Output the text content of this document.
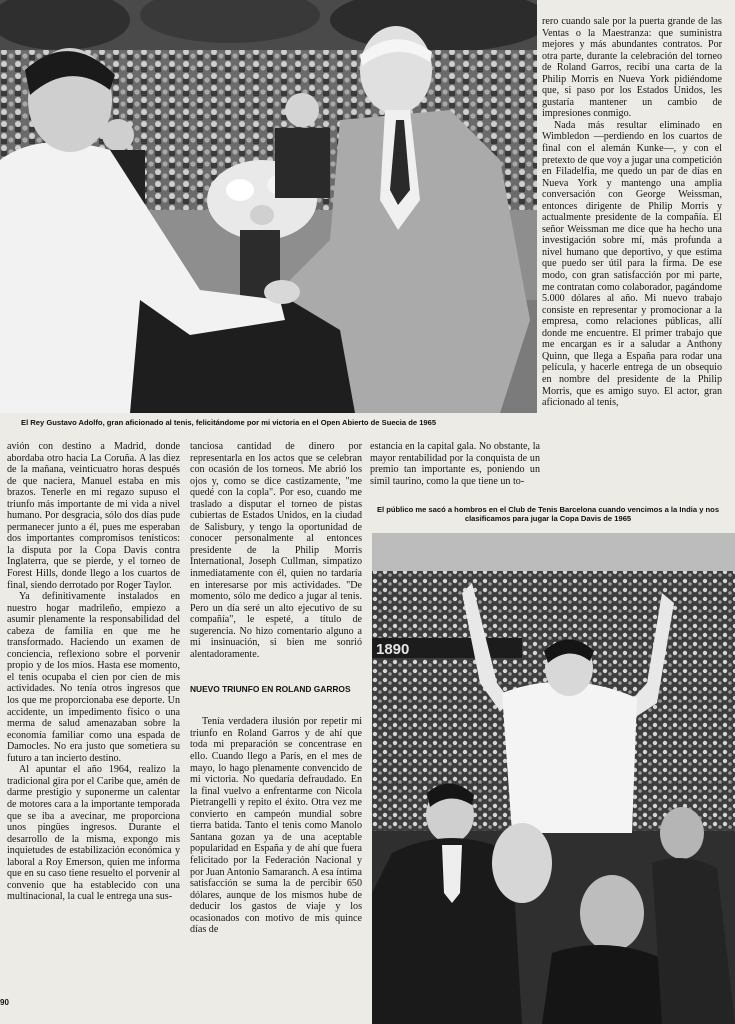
El Rey Gustavo Adolfo, gran aficionado al tenis, felicitándome por mi victoria en el Open Abierto de Suecia de 1965

rero cuando sale por la puerta grande de las Ventas o la Maestranza: que suministra mejores y más abundantes contratos. Por otra parte, durante la celebración del torneo de Roland Garros, recibí una carta de la Philip Morris en Nueva York pidiéndome que, si paso por los Estados Unidos, les gustaría mantener un cambio de impresiones conmigo.

Nada más resultar eliminado en Wimbledon —perdiendo en los cuartos de final con el alemán Kunke—, y con el pretexto de que voy a jugar una competición en Filadelfia, me quedo un par de días en Nueva York y mantengo una amplia conversación con George Weissman, entonces dirigente de Philip Morris y actualmente presidente de la compañía. El señor Weissman me dice que ha hecho una investigación sobre mí, más profunda a nivel humano que deportivo, y que estima que puedo ser útil para la firma. De ese modo, con gran satisfacción por mi parte, me contratan como colaborador, pagándome 5.000 dólares al año. Mi nuevo trabajo consiste en representar y promocionar a la empresa, como relaciones públicas, allí donde me encuentre. El primer trabajo que me encargan es ir a saludar a Anthony Quinn, que llega a España para rodar una película, y hacerle entrega de un obsequio en nombre del presidente de la Philip Morris, que es amigo suyo. El actor, gran aficionado al tenis,

avión con destino a Madrid, donde abordaba otro hacia La Coruña. A las diez de la mañana, veinticuatro horas después de que naciera, Manuel estaba en mis brazos. Tenerle en mi regazo supuso el triunfo más importante de mi vida a nivel humano. Por desgracia, sólo dos días pude permanecer junto a él, pues me esperaban dos importantes compromisos tenísticos: la disputa por la Copa Davis contra Inglaterra, que se pierde, y el torneo de Forest Hills, donde llego a los cuartos de final, siendo derrotado por Roger Taylor.

Ya definitivamente instalados en nuestro hogar madrileño, empiezo a asumir plenamente la responsabilidad del cabeza de familia en que me he transformado. Haciendo un examen de conciencia, reflexiono sobre el porvenir propio y de los míos. Hasta ese momento, el tenis ocupaba el cien por cien de mis actividades. No tenía otros ingresos que los que me proporcionaba ese deporte. Un accidente, un impedimento físico o una merma de salud amenazaban sobre la economía familiar como una espada de Damocles. No era justo que sometiera su futuro a tan incierto destino.

Al apuntar el año 1964, realizo la tradicional gira por el Caribe que, amén de darme prestigio y suponerme un calentar de motores cara a la importante temporada que se iba a avecinar, me proporciona unos pingües ingresos. Durante el desarrollo de la misma, expongo mis inquietudes de estabilización económica y laboral a Roy Emerson, quien me informa que en su caso tiene resuelto el porvenir al convenio que ha establecido con una multinacional, la cual le entrega una sus-

tanciosa cantidad de dinero por representarla en los actos que se celebran con ocasión de los torneos. Me abrió los ojos y, como se dice castizamente, "me quedé con la copla". Por eso, cuando me traslado a disputar el torneo de pistas cubiertas de Estados Unidos, en la ciudad de Salisbury, y tengo la oportunidad de conocer personalmente al entonces presidente de la Philip Morris International, Joseph Cullman, simpatizo inmediatamente con él, quien no tardaría en interesarse por mis actividades. "De momento, sólo me dedico a jugar al tenis. Pero un día seré un alto ejecutivo de su compañía", le espeté, a título de sugerencia. No hizo comentario alguno a mi insinuación, si bien me sonrió alentadoramente.

NUEVO TRIUNFO EN ROLAND GARROS

Tenía verdadera ilusión por repetir mi triunfo en Roland Garros y de ahí que toda mi preparación se concentrase en ello. Cuando llego a París, en el mes de mayo, lo hago plenamente convencido de mi victoria. No quedaría defraudado. En la final vuelvo a enfrentarme con Nicola Pietrangelli y repito el éxito. Otra vez me convierto en campeón mundial sobre tierra batida. Tanto el tenis como Manolo Santana gozan ya de una aceptable popularidad en España y de ahí que fuera felicitado por la Federación Nacional y por Juan Antonio Samaranch. A esa íntima satisfacción se suma la de percibir 650 dólares, aunque de los mismos hube de deducir los gastos de viaje y los ocasionados con motivo de mis quince días de

estancia en la capital gala. No obstante, la mayor rentabilidad por la conquista de un premio tan importante es, poniendo un símil taurino, como la que tiene un to-

El público me sacó a hombros en el Club de Tenis Barcelona cuando vencimos a la India y nos clasificamos para jugar la Copa Davis de 1965
1890
90
